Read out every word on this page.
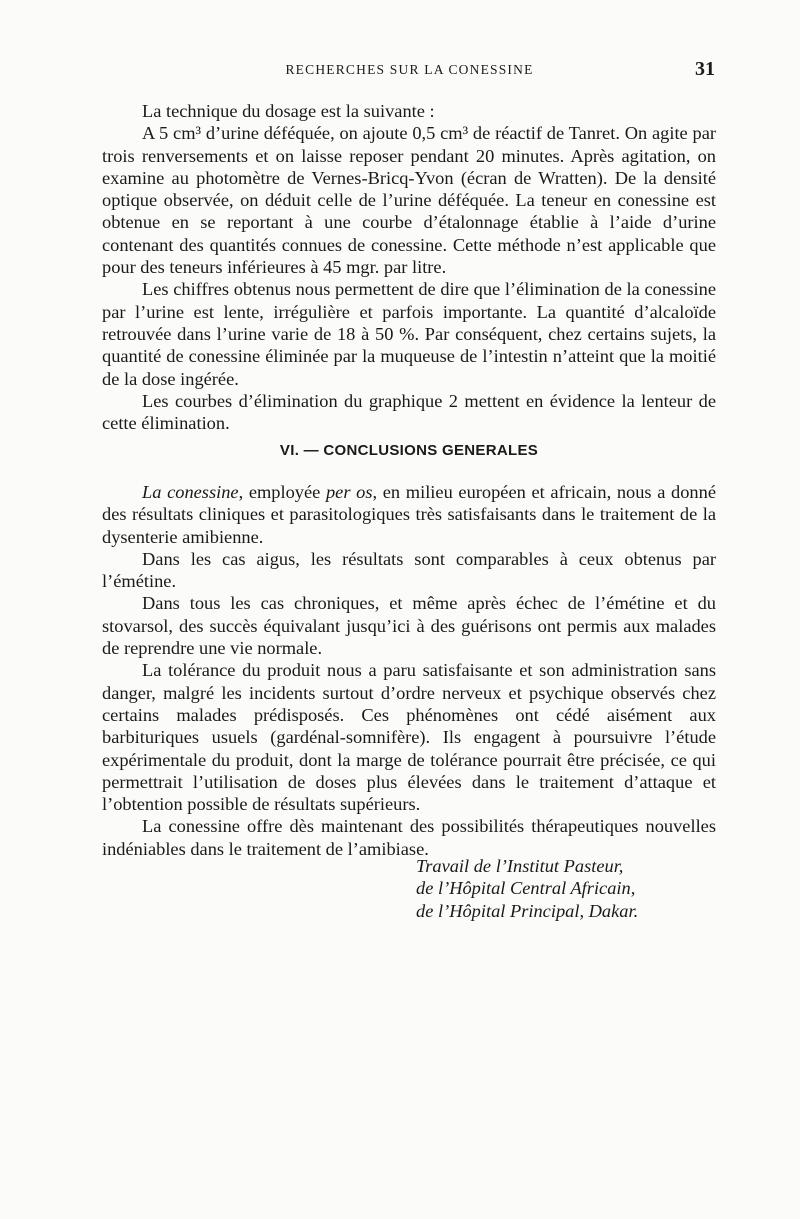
RECHERCHES SUR LA CONESSINE	31

La technique du dosage est la suivante :

A 5 cm³ d’urine déféquée, on ajoute 0,5 cm³ de réactif de Tanret. On agite par trois renversements et on laisse reposer pendant 20 minutes. Après agitation, on examine au photomètre de Vernes-Bricq-Yvon (écran de Wratten). De la densité optique observée, on déduit celle de l’urine déféquée. La teneur en conessine est obtenue en se reportant à une courbe d’étalonnage établie à l’aide d’urine contenant des quantités connues de conessine. Cette méthode n’est applicable que pour des teneurs inférieures à 45 mgr. par litre.

Les chiffres obtenus nous permettent de dire que l’élimination de la conessine par l’urine est lente, irrégulière et parfois importante. La quantité d’alcaloïde retrouvée dans l’urine varie de 18 à 50 %. Par conséquent, chez certains sujets, la quantité de conessine éliminée par la muqueuse de l’intestin n’atteint que la moitié de la dose ingérée.

Les courbes d’élimination du graphique 2 mettent en évidence la lenteur de cette élimination.

VI. — CONCLUSIONS GENERALES

La conessine, employée per os, en milieu européen et africain, nous a donné des résultats cliniques et parasitologiques très satisfaisants dans le traitement de la dysenterie amibienne.

Dans les cas aigus, les résultats sont comparables à ceux obtenus par l’émétine.

Dans tous les cas chroniques, et même après échec de l’émétine et du stovarsol, des succès équivalant jusqu’ici à des guérisons ont permis aux malades de reprendre une vie normale.

La tolérance du produit nous a paru satisfaisante et son administration sans danger, malgré les incidents surtout d’ordre nerveux et psychique observés chez certains malades prédisposés. Ces phénomènes ont cédé aisément aux barbituriques usuels (gardénal-somnifère). Ils engagent à poursuivre l’étude expérimentale du produit, dont la marge de tolérance pourrait être précisée, ce qui permettrait l’utilisation de doses plus élevées dans le traitement d’attaque et l’obtention possible de résultats supérieurs.

La conessine offre dès maintenant des possibilités thérapeutiques nouvelles indéniables dans le traitement de l’amibiase.

Travail de l’Institut Pasteur,
de l’Hôpital Central Africain,
de l’Hôpital Principal, Dakar.
